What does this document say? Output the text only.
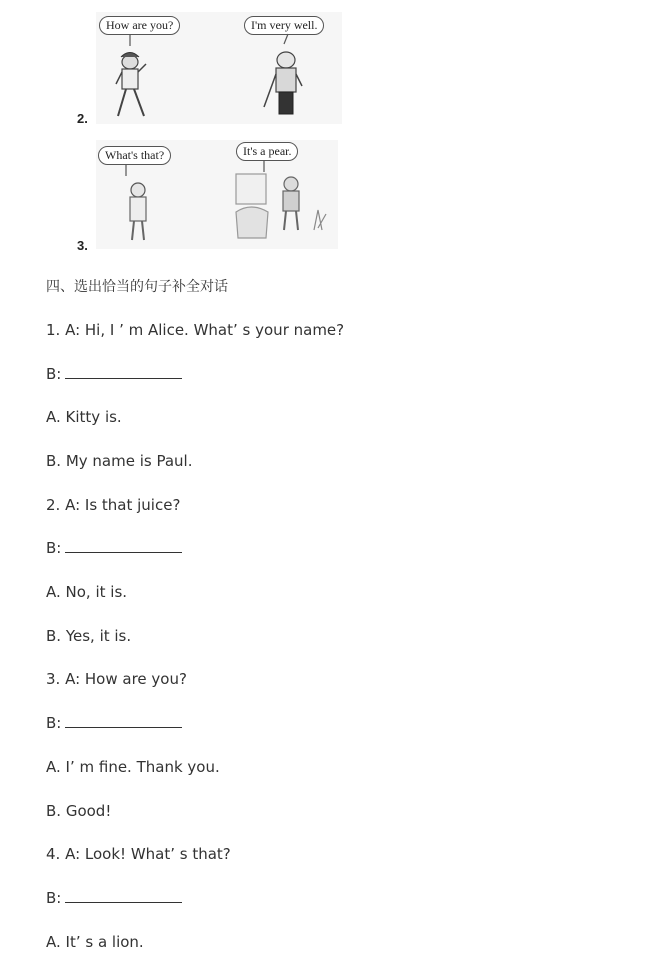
How are you?	I'm very well.
2.
What's that?	It's a pear.
3.
四、选出恰当的句子补全对话
1. A: Hi, I ’ m Alice. What’ s your name?
B:
A. Kitty is.
B. My name is Paul.
2. A: Is that juice?
B:
A. No, it is.
B. Yes, it is.
3. A: How are you?
B:
A. I’ m fine. Thank you.
B. Good!
4. A: Look! What’ s that?
B:
A. It’ s a lion.
